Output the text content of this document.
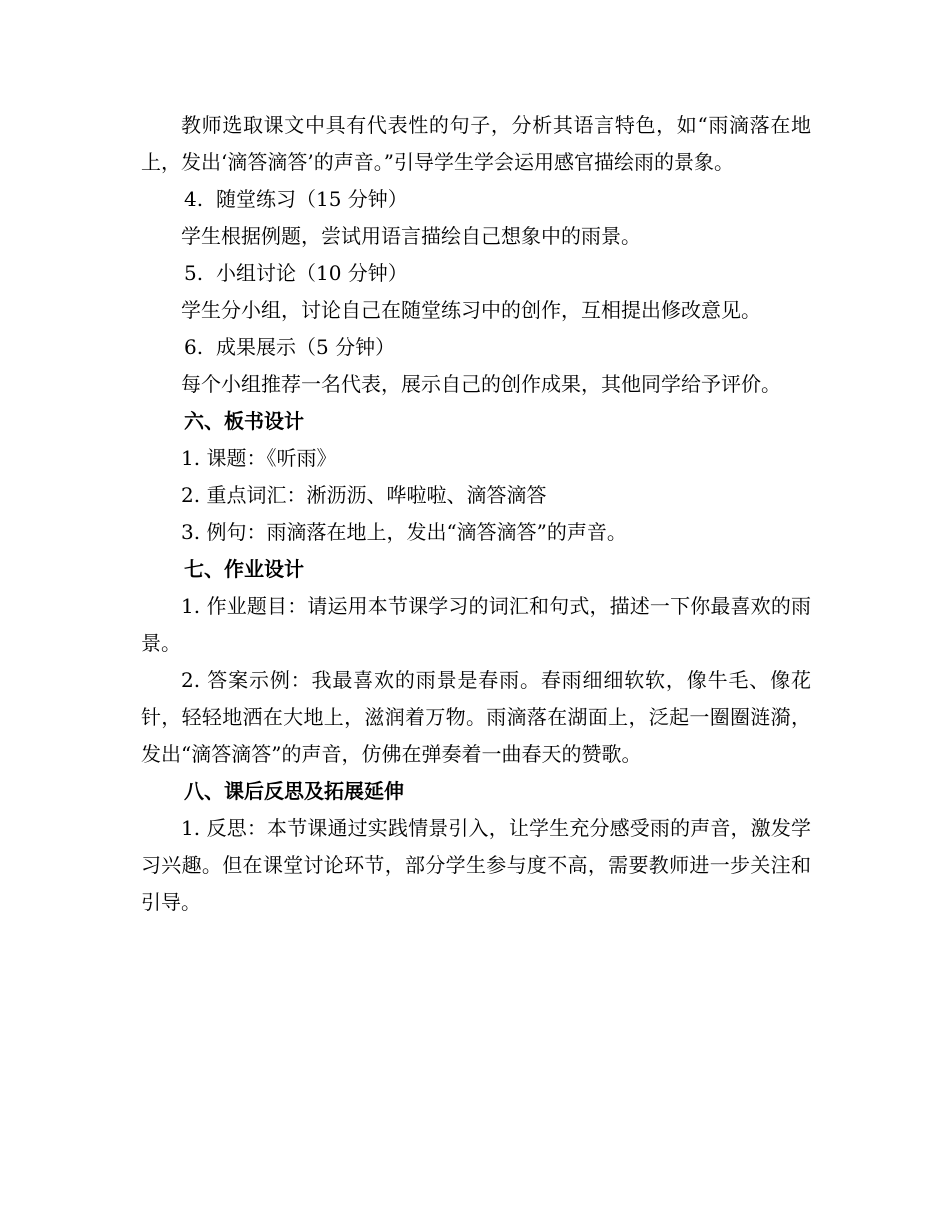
教师选取课文中具有代表性的句子，分析其语言特色，如“雨滴落在地上，发出‘滴答滴答’的声音。”引导学生学会运用感官描绘雨的景象。

4. 随堂练习（15 分钟）

学生根据例题，尝试用语言描绘自己想象中的雨景。

5. 小组讨论（10 分钟）

学生分小组，讨论自己在随堂练习中的创作，互相提出修改意见。

6. 成果展示（5 分钟）

每个小组推荐一名代表，展示自己的创作成果，其他同学给予评价。

六、板书设计

1. 课题：《听雨》

2. 重点词汇：淅沥沥、哗啦啦、滴答滴答

3. 例句：雨滴落在地上，发出“滴答滴答”的声音。

七、作业设计

1. 作业题目：请运用本节课学习的词汇和句式，描述一下你最喜欢的雨景。

2. 答案示例：我最喜欢的雨景是春雨。春雨细细软软，像牛毛、像花针，轻轻地洒在大地上，滋润着万物。雨滴落在湖面上，泛起一圈圈涟漪，发出“滴答滴答”的声音，仿佛在弹奏着一曲春天的赞歌。

八、课后反思及拓展延伸

1. 反思：本节课通过实践情景引入，让学生充分感受雨的声音，激发学习兴趣。但在课堂讨论环节，部分学生参与度不高，需要教师进一步关注和引导。
